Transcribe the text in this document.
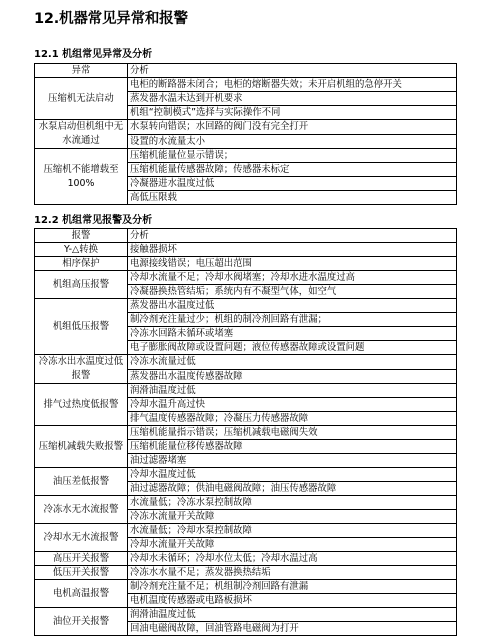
12.机器常见异常和报警
12.1 机组常见异常及分析
异常	分析
压缩机无法启动	电柜的断路器未闭合；电柜的熔断器失效；未开启机组的急停开关
	蒸发器水温未达到开机要求
	机组“控制模式”选择与实际操作不同
水泵启动但机组中无水流通过	水泵转向错误；水回路的阀门没有完全打开
	设置的水流量太小
压缩机不能增载至100%	压缩机能量位显示错误；
	压缩机能量传感器故障；传感器未标定
	冷凝器进水温度过低
	高低压限载
12.2 机组常见报警及分析
报警	分析
Y-△转换	接触器损坏
相序保护	电源接线错误；电压超出范围
机组高压报警	冷却水流量不足；冷却水阀堵塞；冷却水进水温度过高
	冷凝器换热管结垢；系统内有不凝型气体，如空气
机组低压报警	蒸发器出水温度过低
	制冷剂充注量过少；机组的制冷剂回路有泄漏；
	冷冻水回路未循环或堵塞
	电子膨胀阀故障或设置问题；液位传感器故障或设置问题
冷冻水出水温度过低报警	冷冻水流量过低
	蒸发器出水温度传感器故障
排气过热度低报警	润滑油温度过低
	冷却水温升高过快
	排气温度传感器故障；冷凝压力传感器故障
压缩机减载失败报警	压缩机能量指示错误；压缩机减载电磁阀失效
	压缩机能量位移传感器故障
	油过滤器堵塞
油压差低报警	冷却水温度过低
	油过滤器故障；供油电磁阀故障；油压传感器故障
冷冻水无水流报警	水流量低；冷冻水泵控制故障
	冷冻水流量开关故障
冷却水无水流报警	水流量低；冷却水泵控制故障
	冷却水流量开关故障
高压开关报警	冷却水未循环；冷却水位太低；冷却水温过高
低压开关报警	冷冻水水量不足；蒸发器换热结垢
电机高温报警	制冷剂充注量不足；机组制冷剂回路有泄漏
	电机温度传感器或电路板损坏
油位开关报警	润滑油温度过低
	回油电磁阀故障，回油管路电磁阀为打开
